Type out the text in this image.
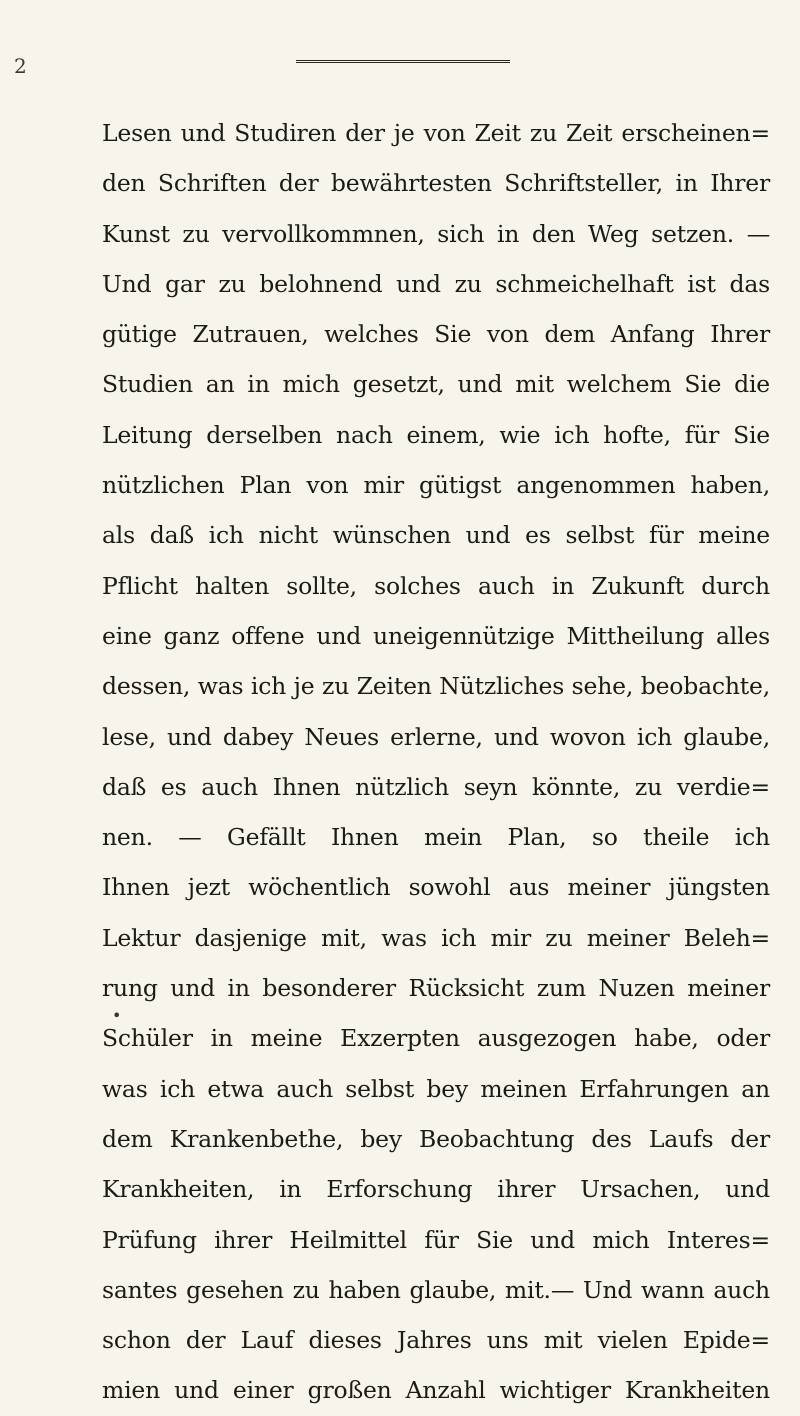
2
•
Lesen und Studiren der je von Zeit zu Zeit erscheinen=
den Schriften der bewährtesten Schriftsteller, in Ihrer
Kunst zu vervollkommnen, sich in den Weg setzen. —
Und gar zu belohnend und zu schmeichelhaft ist das
gütige Zutrauen, welches Sie von dem Anfang Ihrer
Studien an in mich gesetzt, und mit welchem Sie die
Leitung derselben nach einem, wie ich hofte, für Sie
nützlichen Plan von mir gütigst angenommen haben,
als daß ich nicht wünschen und es selbst für meine
Pflicht halten sollte, solches auch in Zukunft durch
eine ganz offene und uneigennützige Mittheilung alles
dessen, was ich je zu Zeiten Nützliches sehe, beobachte,
lese, und dabey Neues erlerne, und wovon ich glaube,
daß es auch Ihnen nützlich seyn könnte, zu verdie=
nen. — Gefällt Ihnen mein Plan, so theile ich
Ihnen jezt wöchentlich sowohl aus meiner jüngsten
Lektur dasjenige mit, was ich mir zu meiner Beleh=
rung und in besonderer Rücksicht zum Nuzen meiner
Schüler in meine Exzerpten ausgezogen habe, oder
was ich etwa auch selbst bey meinen Erfahrungen an
dem Krankenbethe, bey Beobachtung des Laufs der
Krankheiten, in Erforschung ihrer Ursachen, und
Prüfung ihrer Heilmittel für Sie und mich Interes=
santes gesehen zu haben glaube, mit.— Und wann auch
schon der Lauf dieses Jahres uns mit vielen Epide=
mien und einer großen Anzahl wichtiger Krankheiten
